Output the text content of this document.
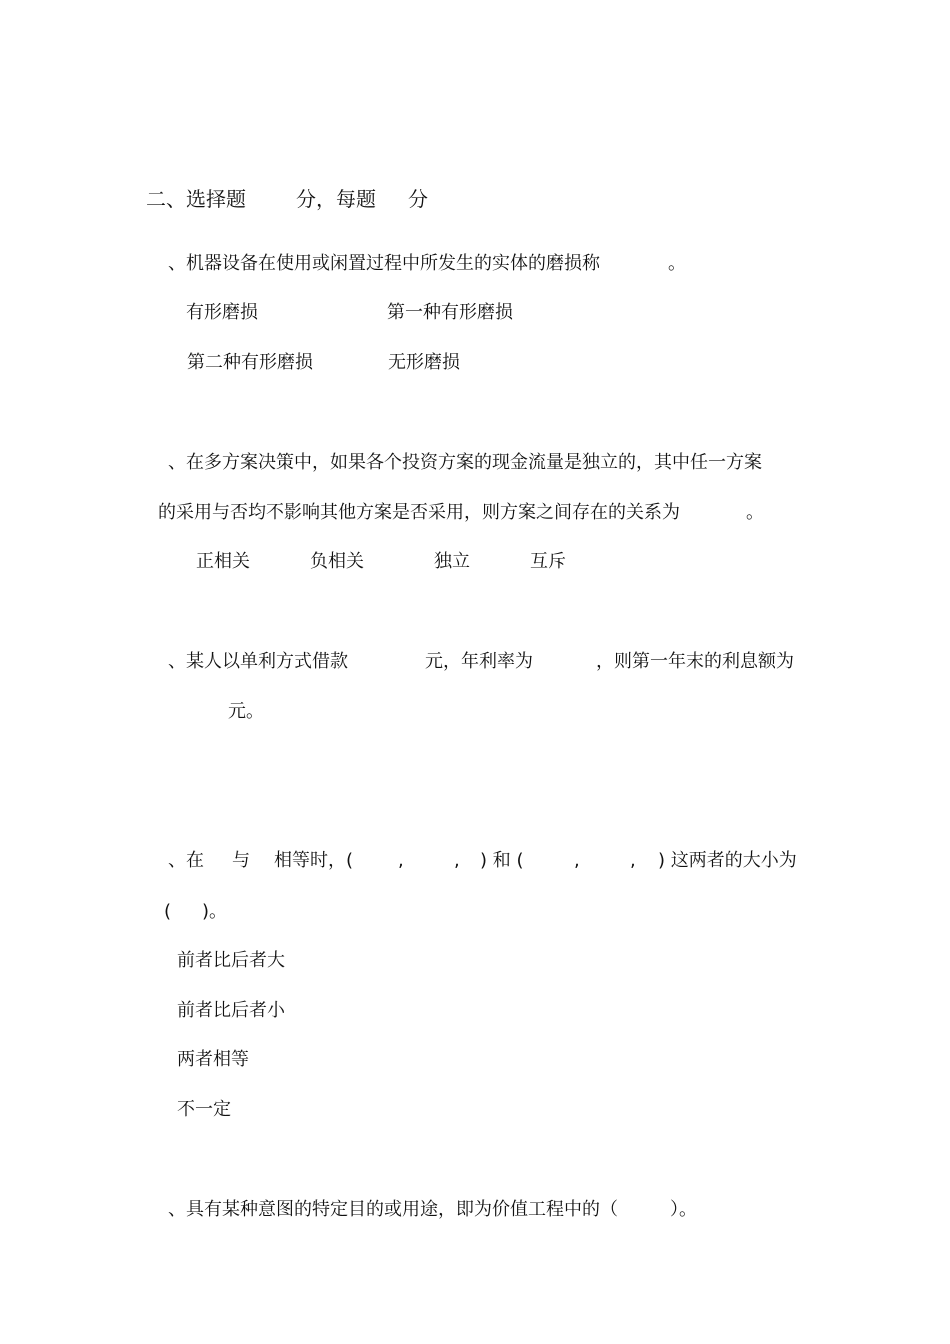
二、选择题	分，每题 分
、机器设备在使用或闲置过程中所发生的实体的磨损称	。
有形磨损	第一种有形磨损
第二种有形磨损	无形磨损
、在多方案决策中，如果各个投资方案的现金流量是独立的，其中任一方案
的采用与否均不影响其他方案是否采用，则方案之间存在的关系为	。
正相关	负相关	独立	互斥
、某人以单利方式借款	元，年利率为	，则第一年末的利息额为
元。
、在 与 相等时，( ,	, ) 和 (	,	, ) 这两者的大小为
( )。
前者比后者大
前者比后者小
两者相等
不一定
、具有某种意图的特定目的或用途，即为价值工程中的（	）。
